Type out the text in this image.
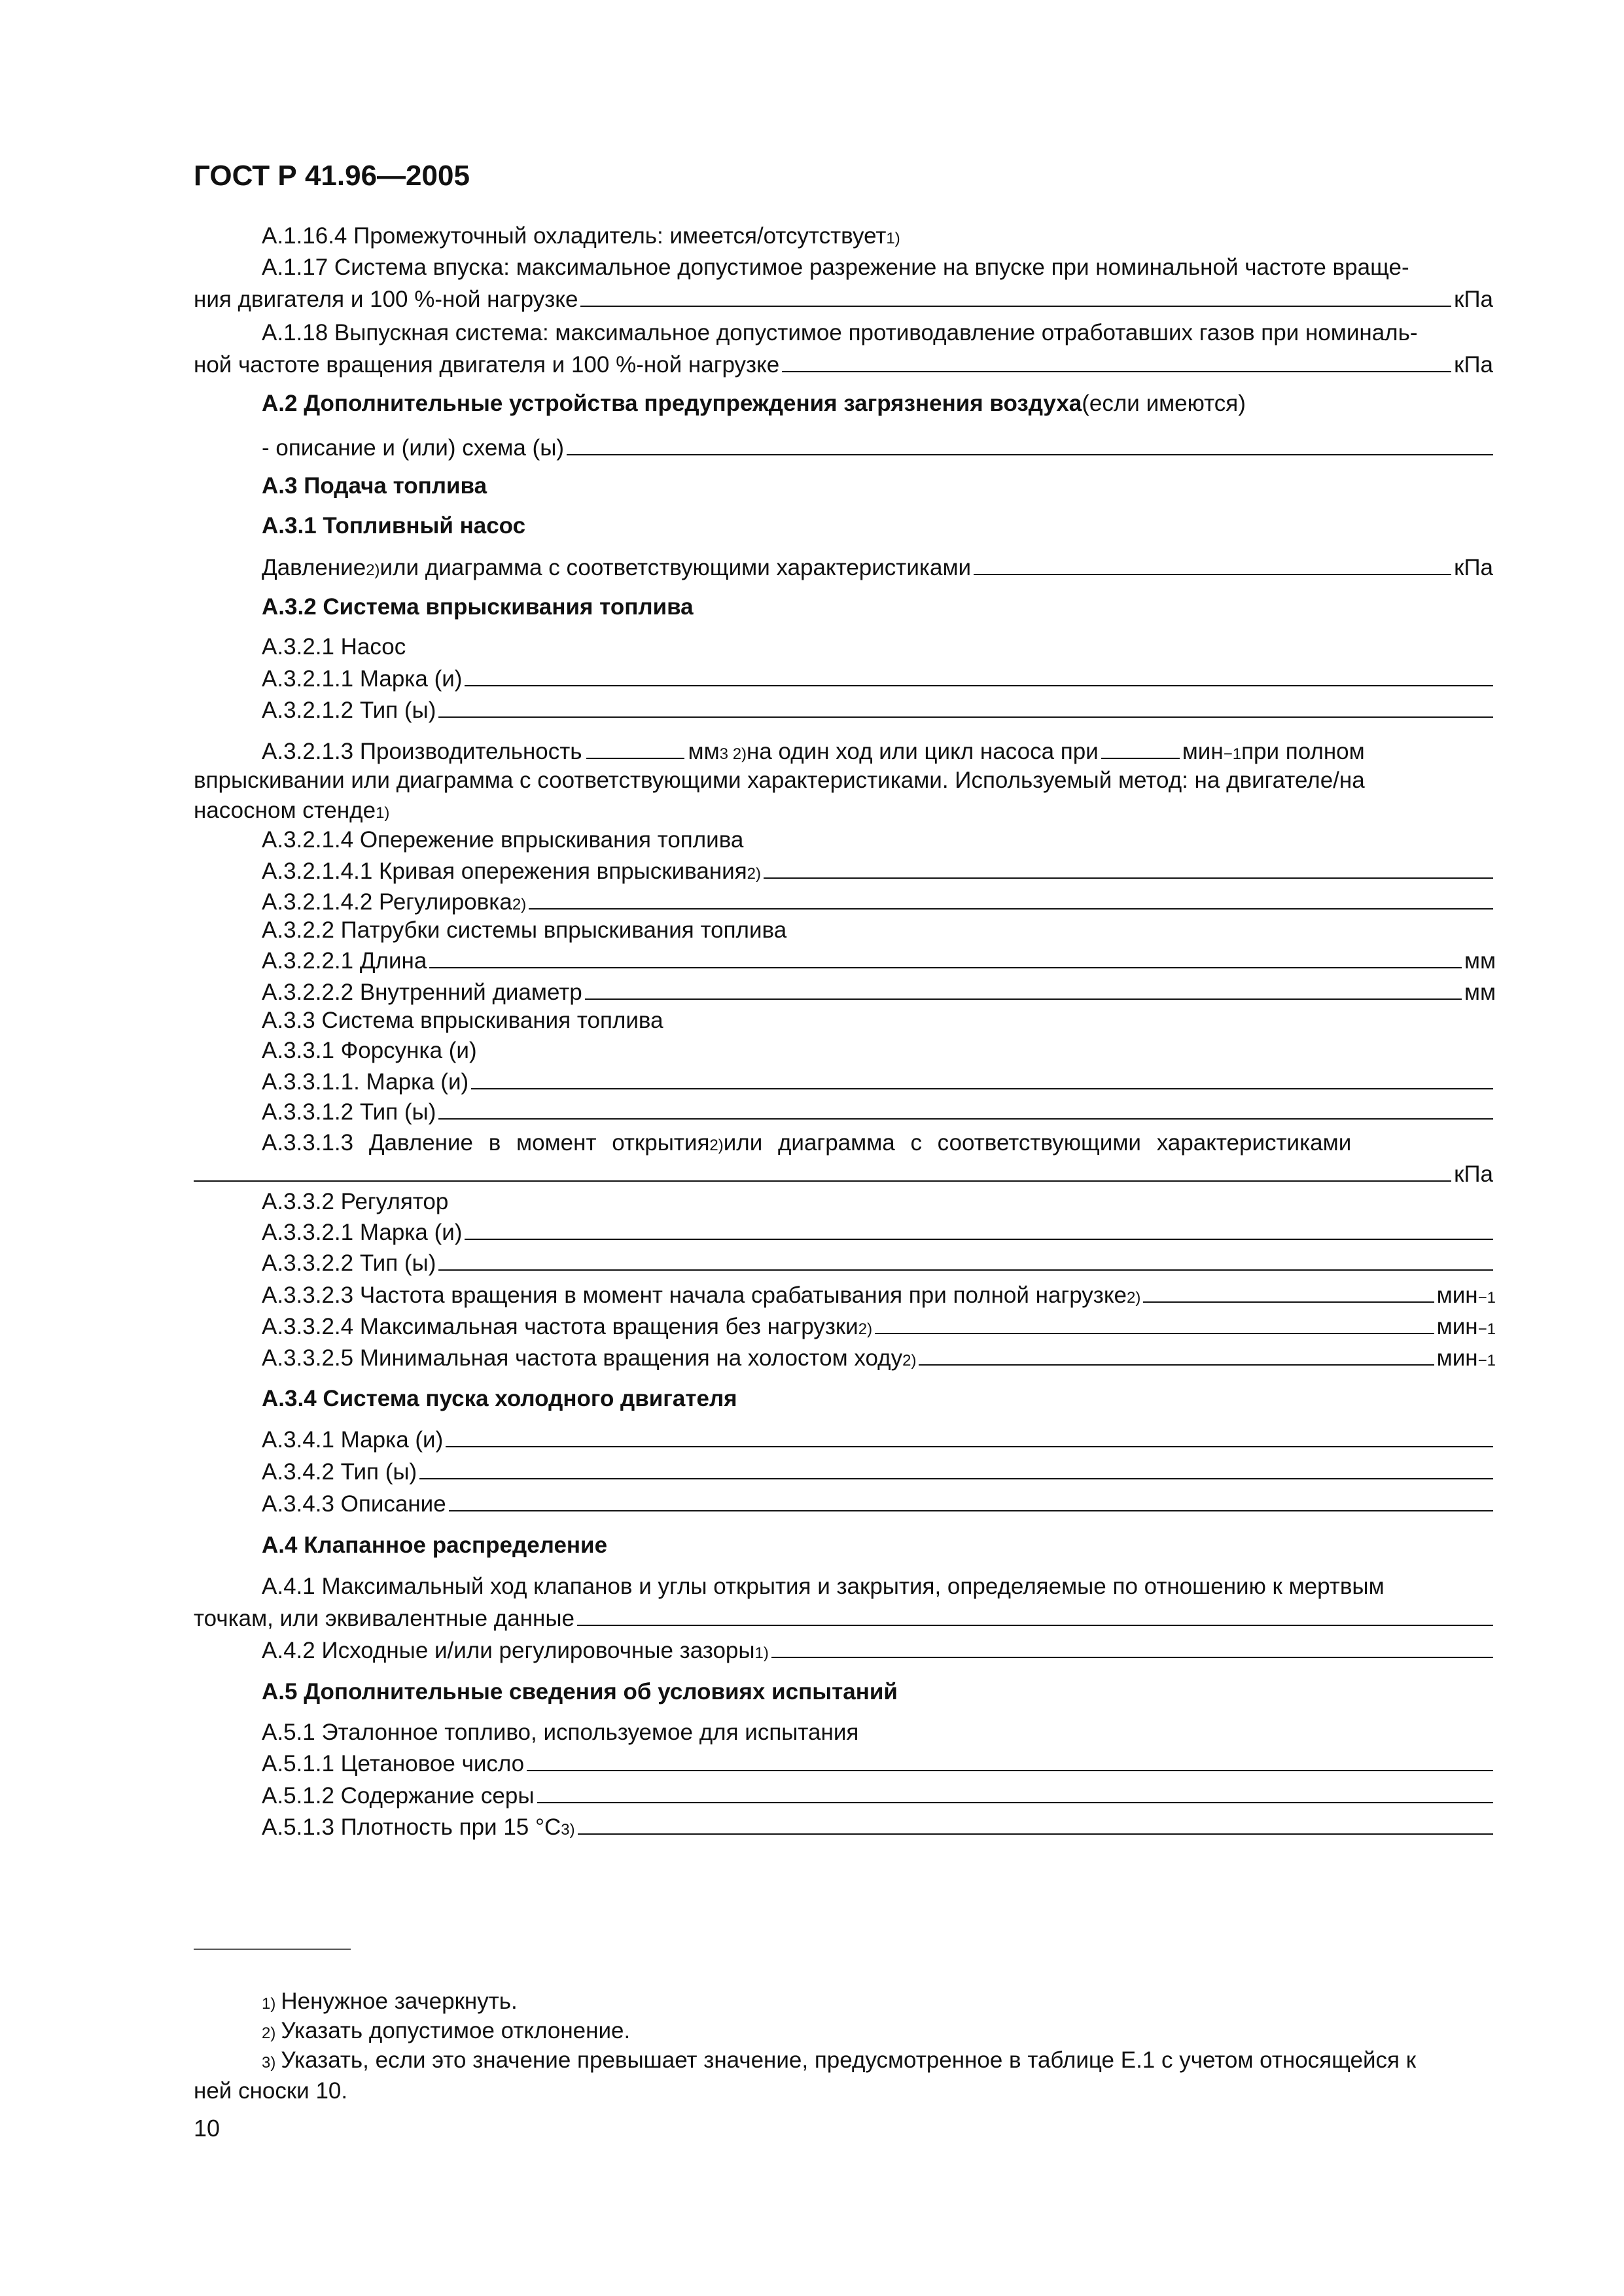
ГОСТ Р 41.96—2005
А.1.16.4 Промежуточный охладитель: имеется/отсутствует 1)
А.1.17 Система впуска: максимальное допустимое разрежение на впуске при номинальной частоте враще-
ния двигателя и 100 %-ной нагрузке	кПа
А.1.18 Выпускная система: максимальное допустимое противодавление отработавших газов при номиналь-
ной частоте вращения двигателя и 100 %-ной нагрузке	кПа
А.2 Дополнительные устройства предупреждения загрязнения воздуха (если имеются)
- описание и (или) схема (ы)
А.3 Подача топлива
А.3.1 Топливный насос
Давление 2) или диаграмма с соответствующими характеристиками	кПа
А.3.2 Система впрыскивания топлива
А.3.2.1 Насос
А.3.2.1.1 Марка (и)
А.3.2.1.2 Тип (ы)
А.3.2.1.3 Производительность	мм 3 2) на один ход или цикл насоса при	мин −1 при полном
впрыскивании или диаграмма с соответствующими характеристиками. Используемый метод: на двигателе/на
насосном стенде 1)
А.3.2.1.4 Опережение впрыскивания топлива
А.3.2.1.4.1 Кривая опережения впрыскивания 2)
А.3.2.1.4.2 Регулировка 2)
А.3.2.2 Патрубки системы впрыскивания топлива
А.3.2.2.1 Длина	мм
А.3.2.2.2 Внутренний диаметр	мм
А.3.3 Система впрыскивания топлива
А.3.3.1 Форсунка (и)
А.3.3.1.1. Марка (и)
А.3.3.1.2 Тип (ы)
А.3.3.1.3 Давление в момент открытия 2) или диаграмма с соответствующими характеристиками
кПа
А.3.3.2 Регулятор
А.3.3.2.1 Марка (и)
А.3.3.2.2 Тип (ы)
А.3.3.2.3 Частота вращения в момент начала срабатывания при полной нагрузке 2)	мин −1
А.3.3.2.4 Максимальная частота вращения без нагрузки 2)	мин −1
А.3.3.2.5 Минимальная частота вращения на холостом ходу 2)	мин −1
А.3.4 Система пуска холодного двигателя
А.3.4.1 Марка (и)
А.3.4.2 Тип (ы)
А.3.4.3 Описание
А.4 Клапанное распределение
А.4.1 Максимальный ход клапанов и углы открытия и закрытия, определяемые по отношению к мертвым
точкам, или эквивалентные данные
А.4.2 Исходные и/или регулировочные зазоры 1)
А.5 Дополнительные сведения об условиях испытаний
А.5.1 Эталонное топливо, используемое для испытания
А.5.1.1 Цетановое число
А.5.1.2 Содержание серы
А.5.1.3 Плотность при 15 °С 3)
1) Ненужное зачеркнуть.
2) Указать допустимое отклонение.
3) Указать, если это значение превышает значение, предусмотренное в таблице Е.1 с учетом относящейся к
ней сноски 10.
10
